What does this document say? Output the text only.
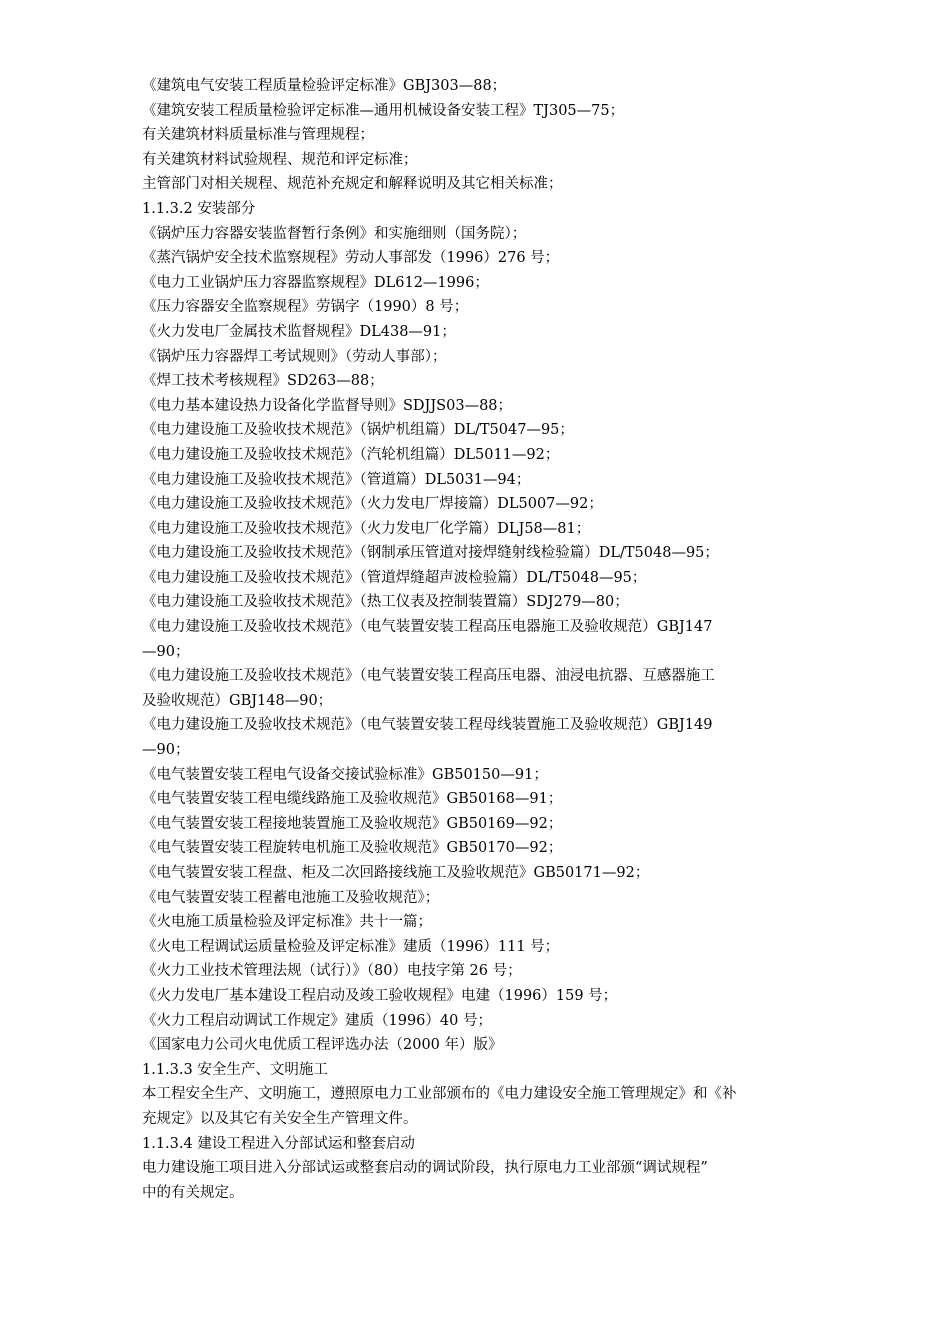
《建筑电气安装工程质量检验评定标准》GBJ303—88；
《建筑安装工程质量检验评定标准—通用机械设备安装工程》TJ305—75；
有关建筑材料质量标准与管理规程；
有关建筑材料试验规程、规范和评定标准；
主管部门对相关规程、规范补充规定和解释说明及其它相关标准；
1.1.3.2 安装部分
《锅炉压力容器安装监督暂行条例》和实施细则（国务院）；
《蒸汽锅炉安全技术监察规程》劳动人事部发（1996）276 号；
《电力工业锅炉压力容器监察规程》DL612—1996；
《压力容器安全监察规程》劳锅字（1990）8 号；
《火力发电厂金属技术监督规程》DL438—91；
《锅炉压力容器焊工考试规则》（劳动人事部）；
《焊工技术考核规程》SD263—88；
《电力基本建设热力设备化学监督导则》SDJJS03—88；
《电力建设施工及验收技术规范》（锅炉机组篇）DL/T5047—95；
《电力建设施工及验收技术规范》（汽轮机组篇）DL5011—92；
《电力建设施工及验收技术规范》（管道篇）DL5031—94；
《电力建设施工及验收技术规范》（火力发电厂焊接篇）DL5007—92；
《电力建设施工及验收技术规范》（火力发电厂化学篇）DLJ58—81；
《电力建设施工及验收技术规范》（钢制承压管道对接焊缝射线检验篇）DL/T5048—95；
《电力建设施工及验收技术规范》（管道焊缝超声波检验篇）DL/T5048—95；
《电力建设施工及验收技术规范》（热工仪表及控制装置篇）SDJ279—80；
《电力建设施工及验收技术规范》（电气装置安装工程高压电器施工及验收规范）GBJ147
—90；
《电力建设施工及验收技术规范》（电气装置安装工程高压电器、油浸电抗器、互感器施工
及验收规范）GBJ148—90；
《电力建设施工及验收技术规范》（电气装置安装工程母线装置施工及验收规范）GBJ149
—90；
《电气装置安装工程电气设备交接试验标准》GB50150—91；
《电气装置安装工程电缆线路施工及验收规范》GB50168—91；
《电气装置安装工程接地装置施工及验收规范》GB50169—92；
《电气装置安装工程旋转电机施工及验收规范》GB50170—92；
《电气装置安装工程盘、柜及二次回路接线施工及验收规范》GB50171—92；
《电气装置安装工程蓄电池施工及验收规范》；
《火电施工质量检验及评定标准》共十一篇；
《火电工程调试运质量检验及评定标准》建质（1996）111 号；
《火力工业技术管理法规（试行）》（80）电技字第 26 号；
《火力发电厂基本建设工程启动及竣工验收规程》电建（1996）159 号；
《火力工程启动调试工作规定》建质（1996）40 号；
《国家电力公司火电优质工程评选办法（2000 年）版》
1.1.3.3 安全生产、文明施工
本工程安全生产、文明施工，遵照原电力工业部颁布的《电力建设安全施工管理规定》和《补
充规定》以及其它有关安全生产管理文件。
1.1.3.4 建设工程进入分部试运和整套启动
电力建设施工项目进入分部试运或整套启动的调试阶段，执行原电力工业部颁“调试规程”
中的有关规定。
